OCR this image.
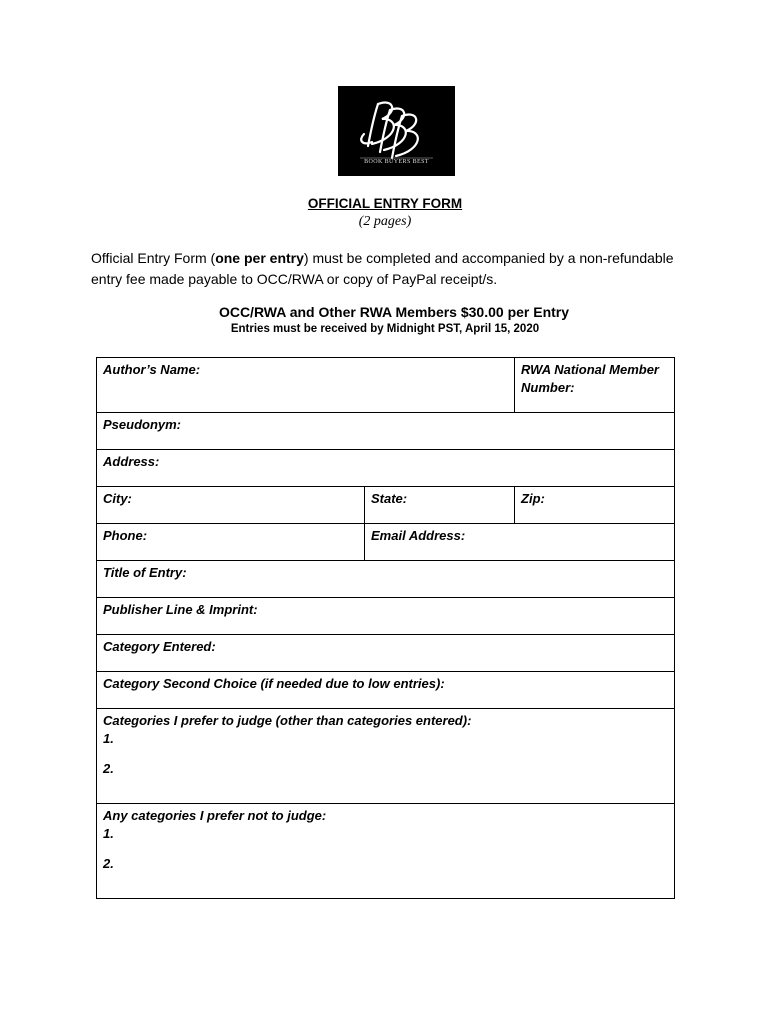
BOOK BUYERS BEST
OFFICIAL ENTRY FORM
(2 pages)
Official Entry Form (one per entry) must be completed and accompanied by a non-refundable entry fee made payable to OCC/RWA or copy of PayPal receipt/s.
OCC/RWA and Other RWA Members $30.00 per Entry
Entries must be received by Midnight PST, April 15, 2020
Author’s Name:		RWA National Member Number:
Pseudonym:		
Address:		
City:	State:	Zip:
Phone:	Email Address:	
Title of Entry:		
Publisher Line & Imprint:		
Category Entered:		
Category Second Choice (if needed due to low entries):		
Categories I prefer to judge (other than categories entered):
1.
2.		

Any categories I prefer not to judge:
1.
2.		
